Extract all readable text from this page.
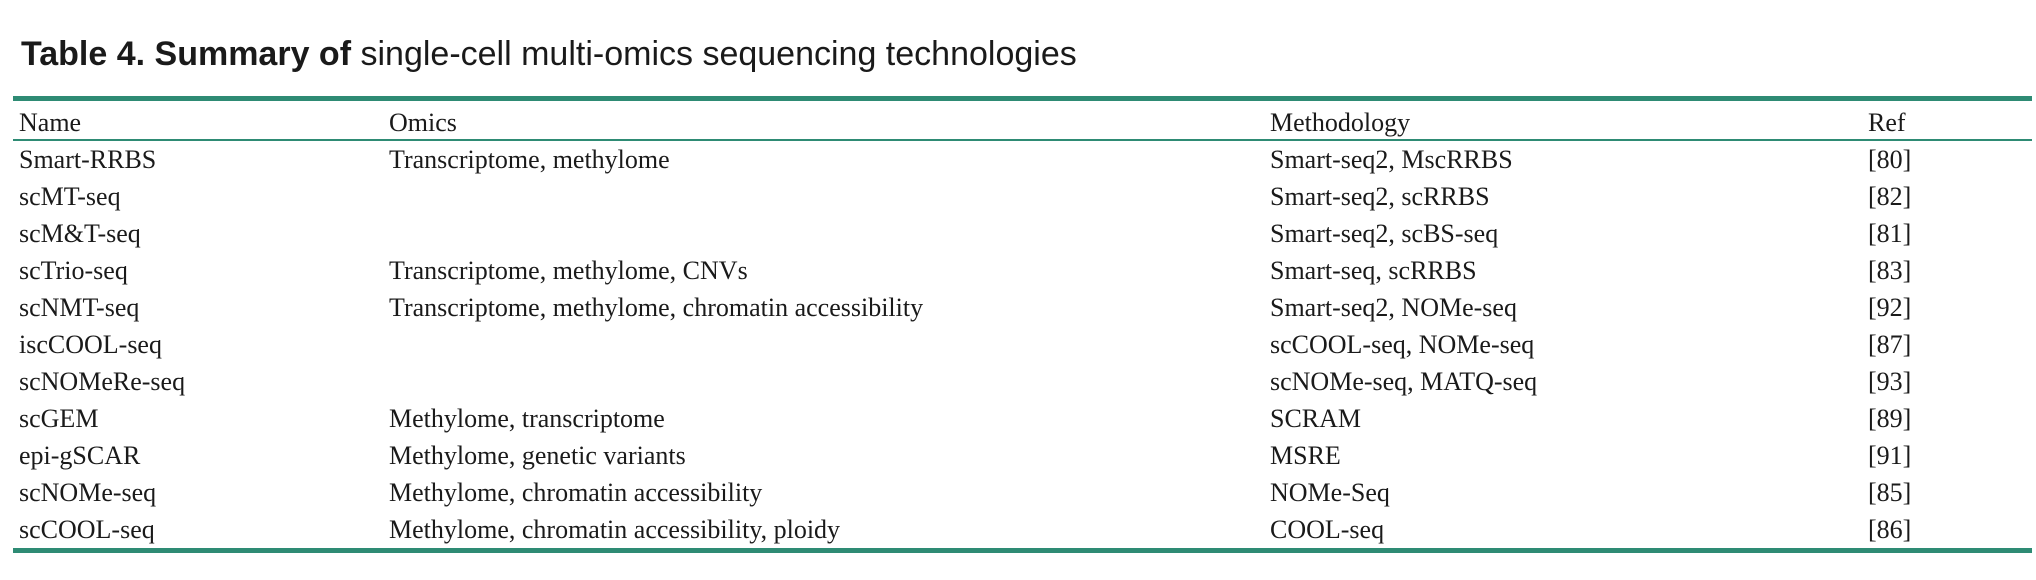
Table 4. Summary of single-cell multi-omics sequencing technologies
Name	Omics	Methodology	Ref
Smart-RRBS	Transcriptome, methylome	Smart-seq2, MscRRBS	[80]
scMT-seq		Smart-seq2, scRRBS	[82]
scM&T-seq		Smart-seq2, scBS-seq	[81]
scTrio-seq	Transcriptome, methylome, CNVs	Smart-seq, scRRBS	[83]
scNMT-seq	Transcriptome, methylome, chromatin accessibility	Smart-seq2, NOMe-seq	[92]
iscCOOL-seq		scCOOL-seq, NOMe-seq	[87]
scNOMeRe-seq		scNOMe-seq, MATQ-seq	[93]
scGEM	Methylome, transcriptome	SCRAM	[89]
epi-gSCAR	Methylome, genetic variants	MSRE	[91]
scNOMe-seq	Methylome, chromatin accessibility	NOMe-Seq	[85]
scCOOL-seq	Methylome, chromatin accessibility, ploidy	COOL-seq	[86]
